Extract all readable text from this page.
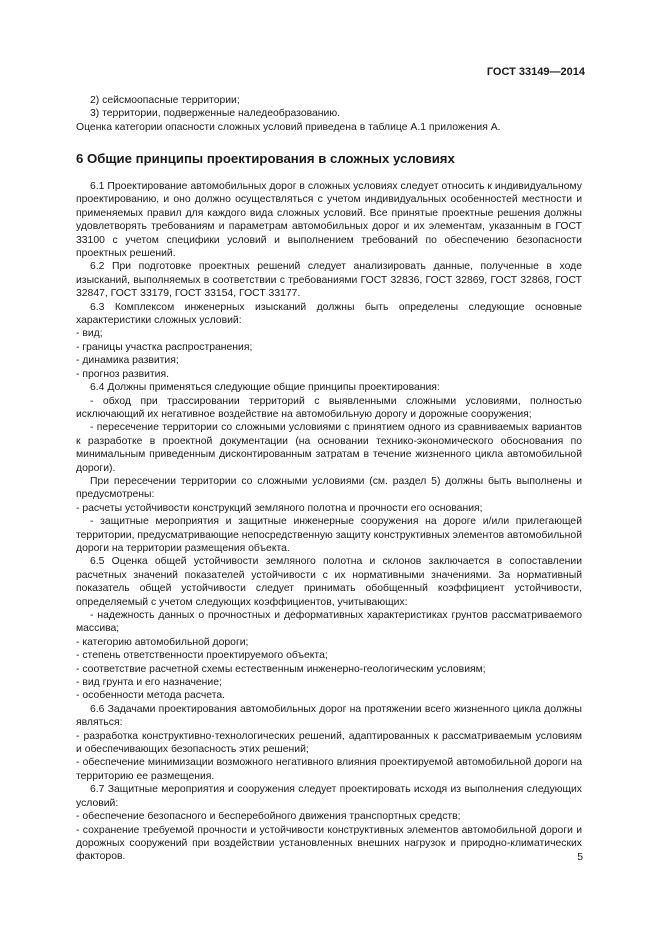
ГОСТ 33149—2014

2) сейсмоопасные территории;

3) территории, подверженные наледеобразованию.

Оценка категории опасности сложных условий приведена в таблице А.1 приложения А.

6 Общие принципы проектирования в сложных условиях

6.1 Проектирование автомобильных дорог в сложных условиях следует относить к индивидуальному проектированию, и оно должно осуществляться с учетом индивидуальных особенностей местности и применяемых правил для каждого вида сложных условий. Все принятые проектные решения должны удовлетворять требованиям и параметрам автомобильных дорог и их элементам, указанным в ГОСТ 33100 с учетом специфики условий и выполнением требований по обеспечению безопасности проектных решений.

6.2 При подготовке проектных решений следует анализировать данные, полученные в ходе изысканий, выполняемых в соответствии с требованиями ГОСТ 32836, ГОСТ 32869, ГОСТ 32868, ГОСТ 32847, ГОСТ 33179, ГОСТ 33154, ГОСТ 33177.

6.3 Комплексом инженерных изысканий должны быть определены следующие основные характеристики сложных условий:

- вид;

- границы участка распространения;

- динамика развития;

- прогноз развития.

6.4 Должны применяться следующие общие принципы проектирования:

- обход при трассировании территорий с выявленными сложными условиями, полностью исключающий их негативное воздействие на автомобильную дорогу и дорожные сооружения;

- пересечение территории со сложными условиями с принятием одного из сравниваемых вариантов к разработке в проектной документации (на основании технико-экономического обоснования по минимальным приведенным дисконтированным затратам в течение жизненного цикла автомобильной дороги).

При пересечении территории со сложными условиями (см. раздел 5) должны быть выполнены и предусмотрены:

- расчеты устойчивости конструкций земляного полотна и прочности его основания;

- защитные мероприятия и защитные инженерные сооружения на дороге и/или прилегающей территории, предусматривающие непосредственную защиту конструктивных элементов автомобильной дороги на территории размещения объекта.

6.5 Оценка общей устойчивости земляного полотна и склонов заключается в сопоставлении расчетных значений показателей устойчивости с их нормативными значениями. За нормативный показатель общей устойчивости следует принимать обобщенный коэффициент устойчивости, определяемый с учетом следующих коэффициентов, учитывающих:

- надежность данных о прочностных и деформативных характеристиках грунтов рассматриваемого массива;

- категорию автомобильной дороги;

- степень ответственности проектируемого объекта;

- соответствие расчетной схемы естественным инженерно-геологическим условиям;

- вид грунта и его назначение;

- особенности метода расчета.

6.6 Задачами проектирования автомобильных дорог на протяжении всего жизненного цикла должны являться:

- разработка конструктивно-технологических решений, адаптированных к рассматриваемым условиям и обеспечивающих безопасность этих решений;

- обеспечение минимизации возможного негативного влияния проектируемой автомобильной дороги на территорию ее размещения.

6.7 Защитные мероприятия и сооружения следует проектировать исходя из выполнения следующих условий:

- обеспечение безопасного и бесперебойного движения транспортных средств;

- сохранение требуемой прочности и устойчивости конструктивных элементов автомобильной дороги и дорожных сооружений при воздействии установленных внешних нагрузок и природно-климатических факторов.	5
